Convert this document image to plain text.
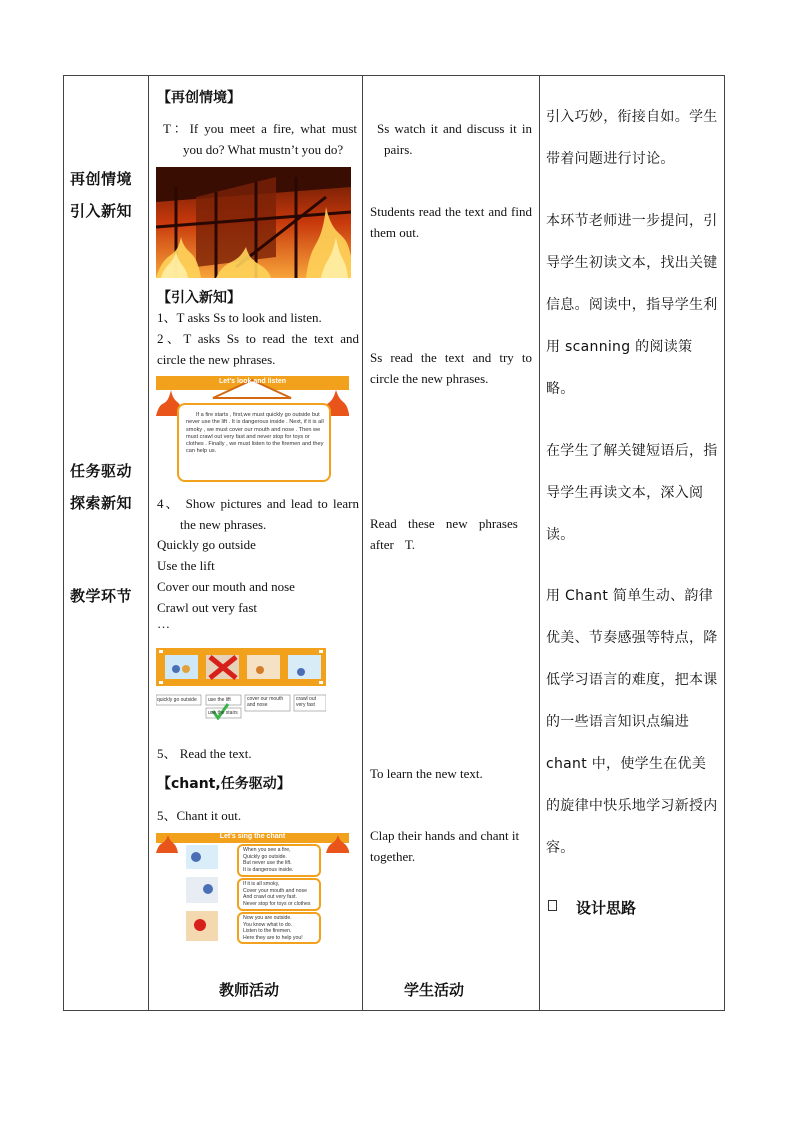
再创情境
引入新知
任务驱动
探索新知
教学环节
【再创情境】
T：If you meet a fire, what must you do? What mustn’t you do?
【引入新知】
1、T asks Ss to look and listen.
2、T asks Ss to read the text and circle the new phrases.
Let's look and listen
If a fire starts , first,we must quickly go outside but never use the lift . It is dangerous inside . Next, if it is all smoky , we must cover our mouth and nose . Then we must crawl out very fast and never stop for toys or clothes . Finally , we must listen to the firemen and they can help us.
4、 Show pictures and lead to learn the new phrases.
Quickly go outside
Use the lift
Cover our mouth and nose
Crawl out very fast
…
quickly go outside	use the lift	cover our mouth and nose
crawl out very fast
use the stairs
5、 Read the text.
【chant,任务驱动】
5、Chant it out.
Let's sing the chant
When you see a fire,
Quickly go outside.
But never use the lift.
It is dangerous inside.
If it is all smoky,
Cover your mouth and nose
And crawl out very fast.
Never stop for toys or clothes
Now you are outside.
You know what to do.
Listen to the firemen.
Here they are to help you!
教师活动
Ss watch it and discuss it in pairs.
Students read the text and find them out.
Ss read the text and try to circle the new phrases.
Read these new phrases after T.
To learn the new text.
Clap their hands and chant it together.
学生活动
引入巧妙，衔接自如。学生带着问题进行讨论。
本环节老师进一步提问，引导学生初读文本，找出关键信息。阅读中，指导学生利用 scanning 的阅读策略。
在学生了解关键短语后，指导学生再读文本，深入阅读。
用 Chant 简单生动、韵律优美、节奏感强等特点，降低学习语言的难度，把本课的一些语言知识点编进 chant 中，使学生在优美的旋律中快乐地学习新授内容。
设计思路
